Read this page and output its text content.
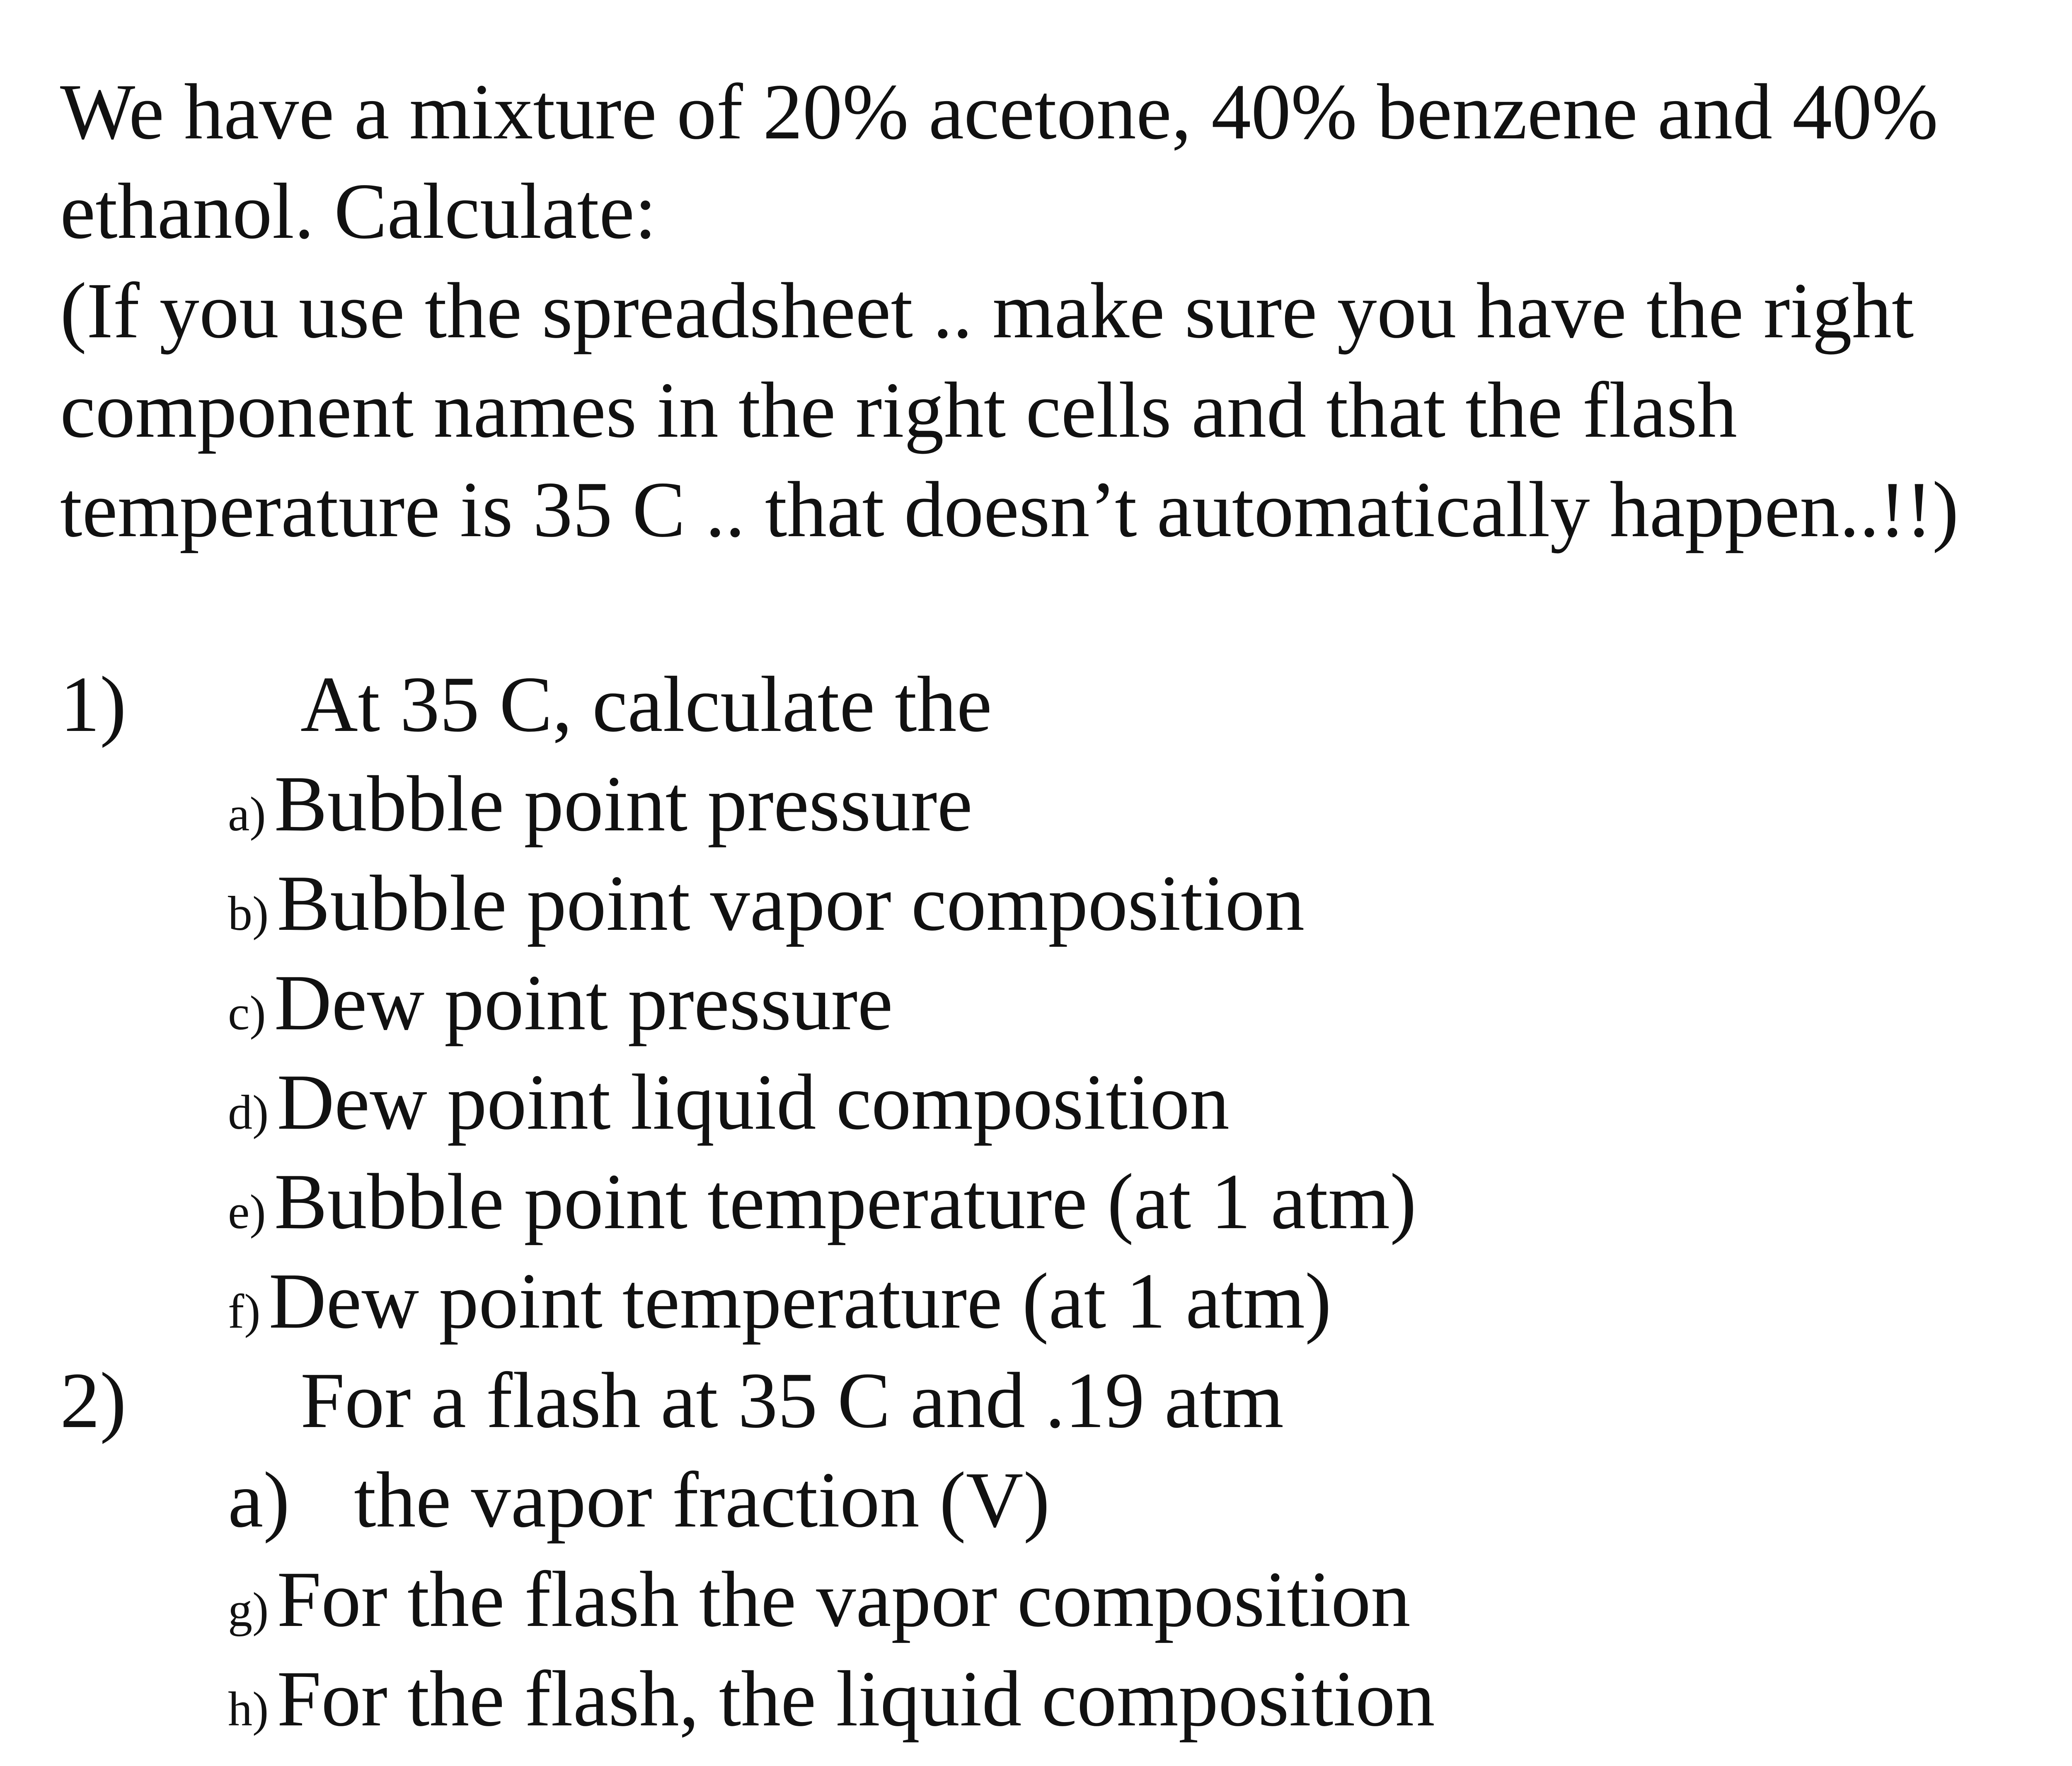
We have a mixture of 20% acetone, 40% benzene and 40%
ethanol. Calculate:
(If you use the spreadsheet .. make sure you have the right
component names in the right cells and that the flash
temperature is 35 C .. that doesn’t automatically happen..!!)

1) At 35 C, calculate the
a) Bubble point pressure
b) Bubble point vapor composition
c) Dew point pressure
d) Dew point liquid composition
e) Bubble point temperature (at 1 atm)
f) Dew point temperature (at 1 atm)
2) For a flash at 35 C and .19 atm
a) the vapor fraction (V)
g) For the flash the vapor composition
h) For the flash, the liquid composition
